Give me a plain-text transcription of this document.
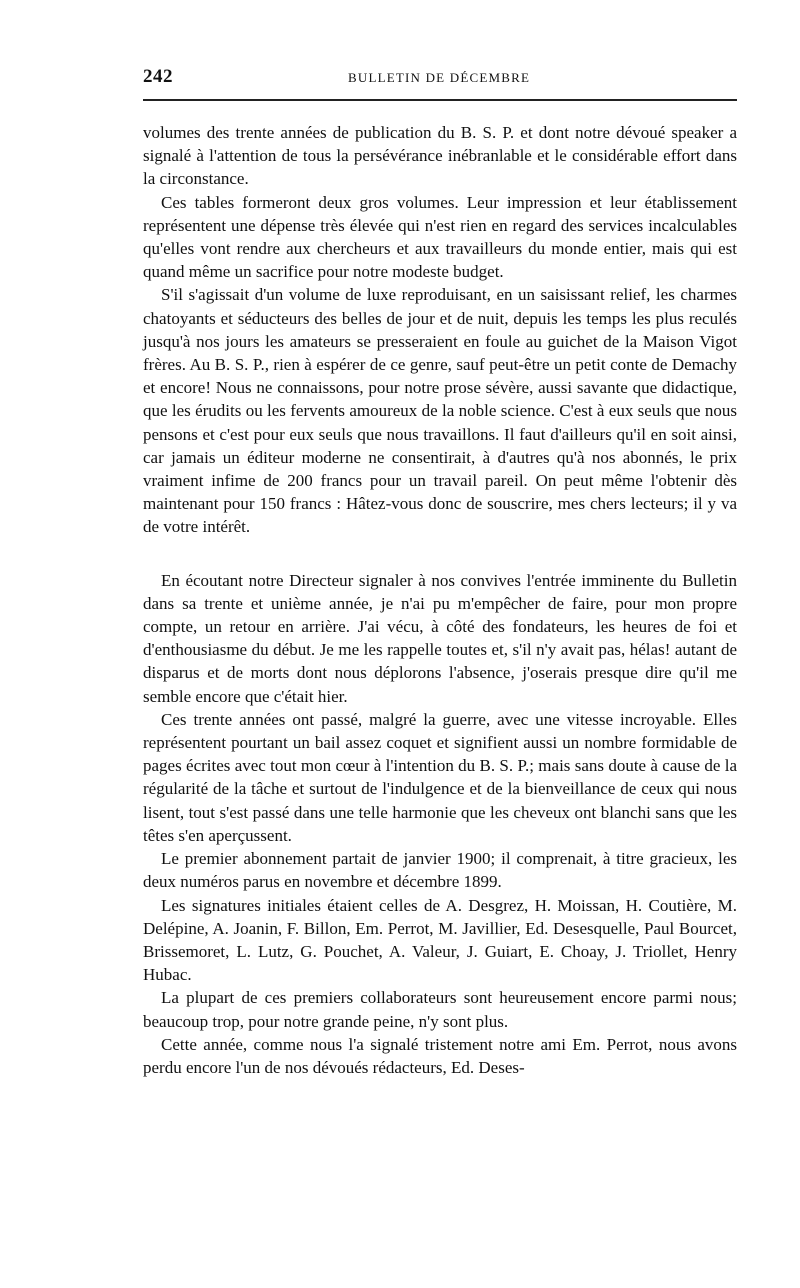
242	BULLETIN DE DÉCEMBRE

volumes des trente années de publication du B. S. P. et dont notre dévoué speaker a signalé à l'attention de tous la persévérance inébranlable et le considérable effort dans la circonstance.

Ces tables formeront deux gros volumes. Leur impression et leur établissement représentent une dépense très élevée qui n'est rien en regard des services incalculables qu'elles vont rendre aux chercheurs et aux travailleurs du monde entier, mais qui est quand même un sacrifice pour notre modeste budget.

S'il s'agissait d'un volume de luxe reproduisant, en un saisissant relief, les charmes chatoyants et séducteurs des belles de jour et de nuit, depuis les temps les plus reculés jusqu'à nos jours les amateurs se presseraient en foule au guichet de la Maison Vigot frères. Au B. S. P., rien à espérer de ce genre, sauf peut-être un petit conte de Demachy et encore! Nous ne connaissons, pour notre prose sévère, aussi savante que didactique, que les érudits ou les fervents amoureux de la noble science. C'est à eux seuls que nous pensons et c'est pour eux seuls que nous travaillons. Il faut d'ailleurs qu'il en soit ainsi, car jamais un éditeur moderne ne consentirait, à d'autres qu'à nos abonnés, le prix vraiment infime de 200 francs pour un travail pareil. On peut même l'obtenir dès maintenant pour 150 francs : Hâtez-vous donc de souscrire, mes chers lecteurs; il y va de votre intérêt.

En écoutant notre Directeur signaler à nos convives l'entrée imminente du Bulletin dans sa trente et unième année, je n'ai pu m'empêcher de faire, pour mon propre compte, un retour en arrière. J'ai vécu, à côté des fondateurs, les heures de foi et d'enthousiasme du début. Je me les rappelle toutes et, s'il n'y avait pas, hélas! autant de disparus et de morts dont nous déplorons l'absence, j'oserais presque dire qu'il me semble encore que c'était hier.

Ces trente années ont passé, malgré la guerre, avec une vitesse incroyable. Elles représentent pourtant un bail assez coquet et signifient aussi un nombre formidable de pages écrites avec tout mon cœur à l'intention du B. S. P.; mais sans doute à cause de la régularité de la tâche et surtout de l'indulgence et de la bienveillance de ceux qui nous lisent, tout s'est passé dans une telle harmonie que les cheveux ont blanchi sans que les têtes s'en aperçussent.

Le premier abonnement partait de janvier 1900; il comprenait, à titre gracieux, les deux numéros parus en novembre et décembre 1899.

Les signatures initiales étaient celles de A. Desgrez, H. Moissan, H. Coutière, M. Delépine, A. Joanin, F. Billon, Em. Perrot, M. Javillier, Ed. Desesquelle, Paul Bourcet, Brissemoret, L. Lutz, G. Pouchet, A. Valeur, J. Guiart, E. Choay, J. Triollet, Henry Hubac.

La plupart de ces premiers collaborateurs sont heureusement encore parmi nous; beaucoup trop, pour notre grande peine, n'y sont plus.

Cette année, comme nous l'a signalé tristement notre ami Em. Perrot, nous avons perdu encore l'un de nos dévoués rédacteurs, Ed. Deses-
